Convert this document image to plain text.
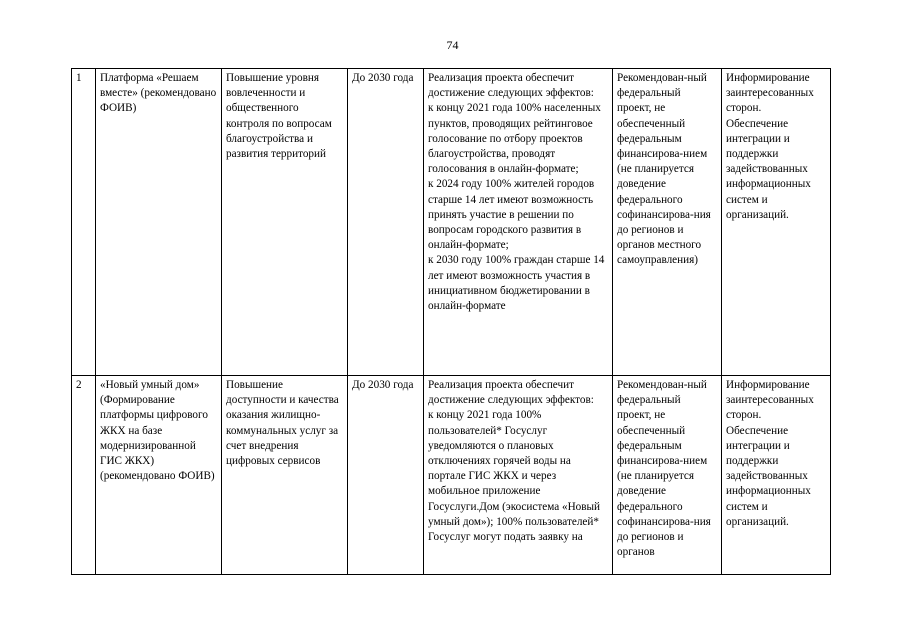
74
1	Платформа «Решаем вместе» (рекомендовано ФОИВ)	Повышение уровня вовлеченности и общественного контроля по вопросам благоустройства и развития территорий	До 2030 года	Реализация проекта обеспечит достижение следующих эффектов:
к концу 2021 года 100% населенных пунктов, проводящих рейтинговое голосование по отбору проектов благоустройства, проводят голосования в онлайн-формате;
к 2024 году 100% жителей городов старше 14 лет имеют возможность принять участие в решении по вопросам городского развития в онлайн-формате;
к 2030 году 100% граждан старше 14 лет имеют возможность участия в инициативном бюджетировании в онлайн-формате	Рекомендован-ный федеральный проект, не обеспеченный федеральным финансирова-нием (не планируется доведение федерального софинансирова-ния до регионов и органов местного самоуправления)	Информирование заинтересованных сторон. Обеспечение интеграции и поддержки задействованных информационных систем и организаций.
2	«Новый умный дом» (Формирование платформы цифрового ЖКХ на базе модернизированной ГИС ЖКХ) (рекомендовано ФОИВ)	Повышение доступности и качества оказания жилищно-коммунальных услуг за счет внедрения цифровых сервисов	До 2030 года	Реализация проекта обеспечит достижение следующих эффектов:
к концу 2021 года 100% пользователей* Госуслуг уведомляются о плановых отключениях горячей воды на портале ГИС ЖКХ и через мобильное приложение Госуслуги.Дом (экосистема «Новый умный дом»); 100% пользователей* Госуслуг могут подать заявку на	Рекомендован-ный федеральный проект, не обеспеченный федеральным финансирова-нием (не планируется доведение федерального софинансирова-ния до регионов и органов	Информирование заинтересованных сторон. Обеспечение интеграции и поддержки задействованных информационных систем и организаций.
